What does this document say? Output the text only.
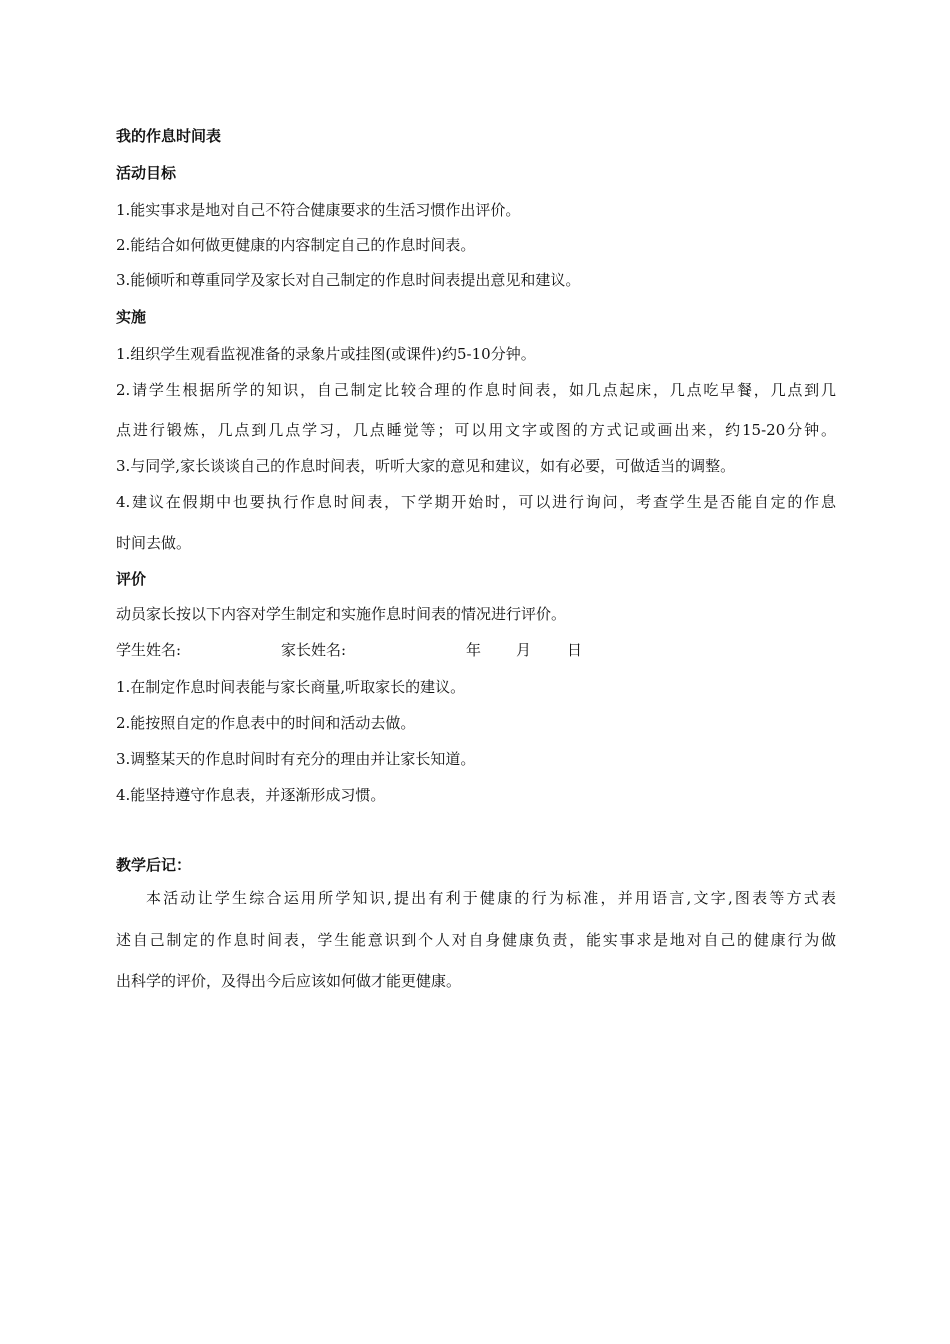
我的作息时间表
活动目标
1.能实事求是地对自己不符合健康要求的生活习惯作出评价。
2.能结合如何做更健康的内容制定自己的作息时间表。
3.能倾听和尊重同学及家长对自己制定的作息时间表提出意见和建议。
实施
1.组织学生观看监视准备的录象片或挂图(或课件)约5-10分钟。
2.请学生根据所学的知识，自己制定比较合理的作息时间表，如几点起床，几点吃早餐，几点到几
点进行锻炼，几点到几点学习，几点睡觉等；可以用文字或图的方式记或画出来，约15-20分钟。
3.与同学,家长谈谈自己的作息时间表，听听大家的意见和建议，如有必要，可做适当的调整。
4.建议在假期中也要执行作息时间表，下学期开始时，可以进行询问，考查学生是否能自定的作息
时间去做。
评价
动员家长按以下内容对学生制定和实施作息时间表的情况进行评价。
学生姓名:	家长姓名:	年 月 日
1.在制定作息时间表能与家长商量,听取家长的建议。
2.能按照自定的作息表中的时间和活动去做。
3.调整某天的作息时间时有充分的理由并让家长知道。
4.能坚持遵守作息表，并逐渐形成习惯。
教学后记：
本活动让学生综合运用所学知识,提出有利于健康的行为标准，并用语言,文字,图表等方式表
述自己制定的作息时间表，学生能意识到个人对自身健康负责，能实事求是地对自己的健康行为做
出科学的评价，及得出今后应该如何做才能更健康。
